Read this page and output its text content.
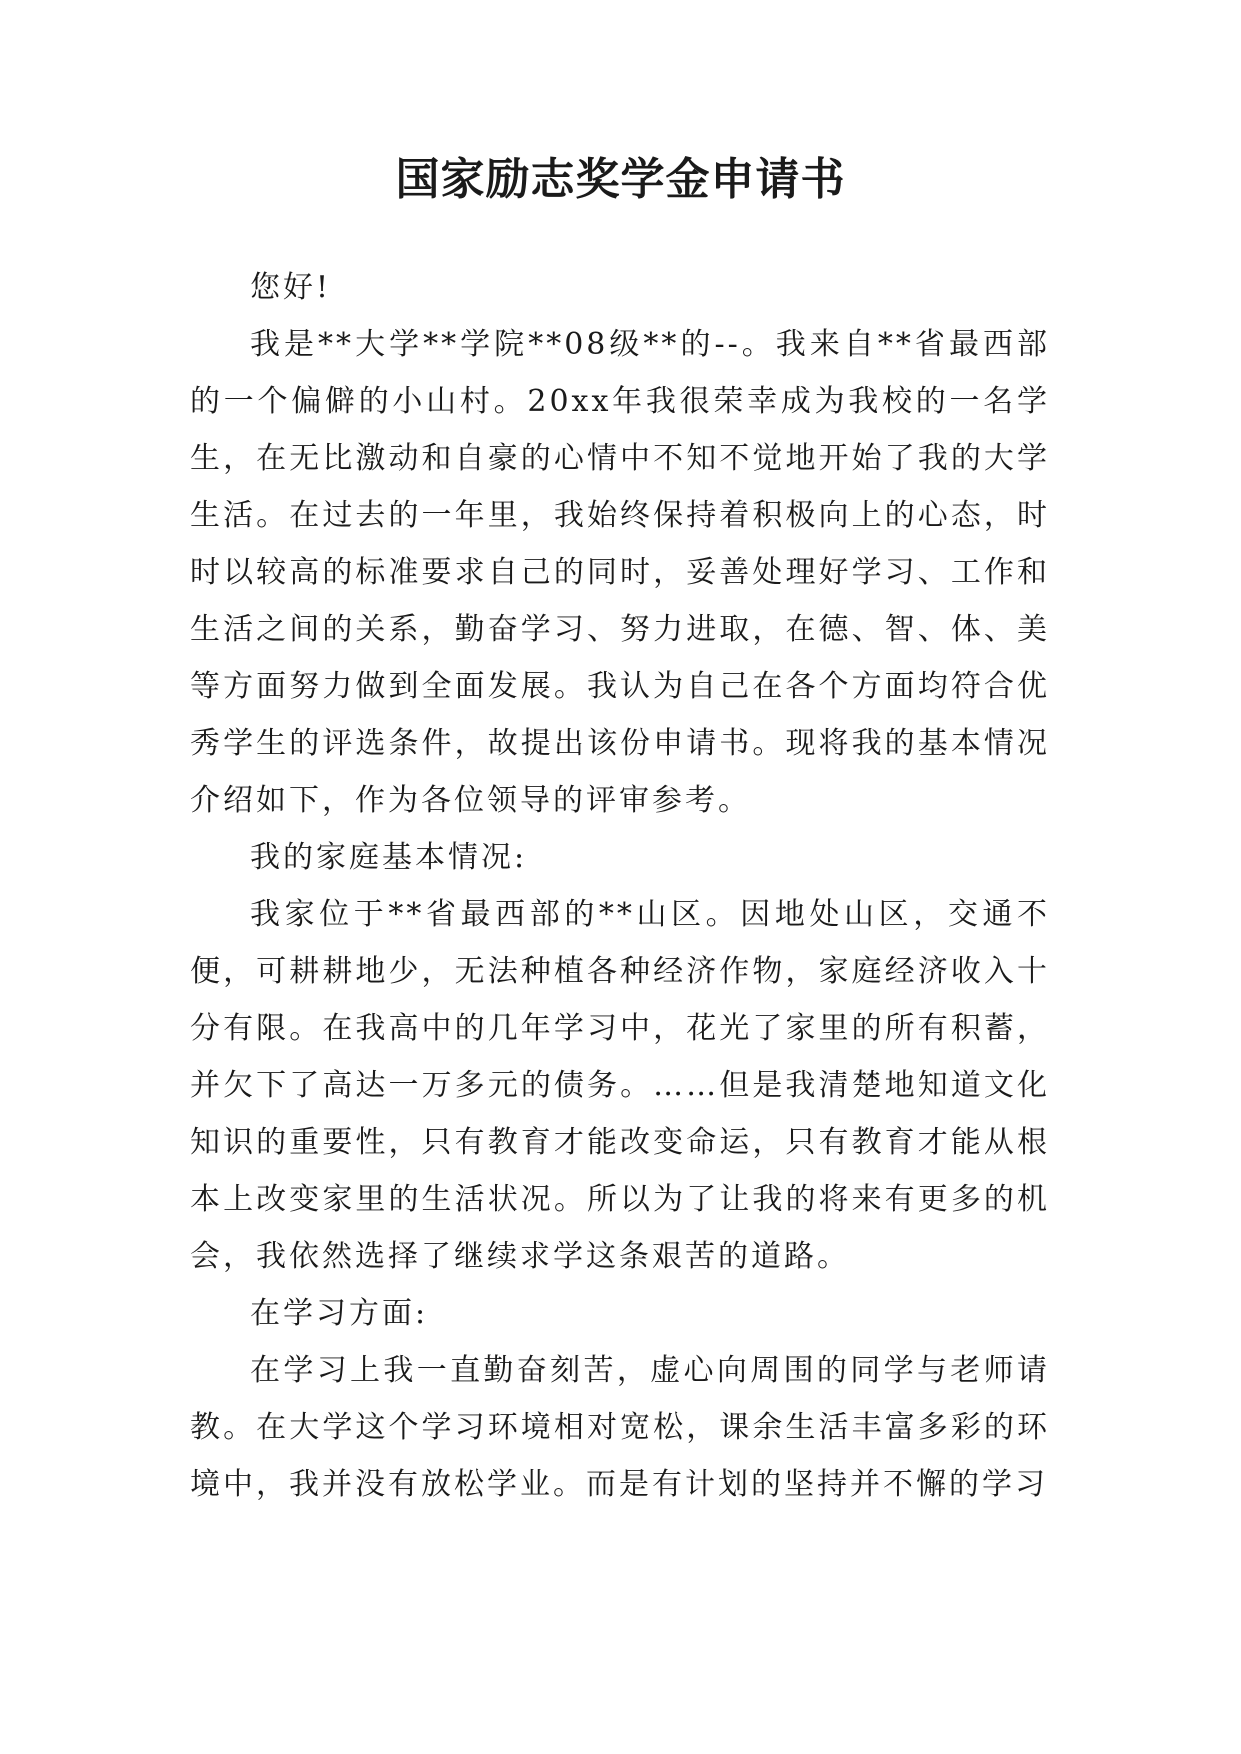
国家励志奖学金申请书

您好!

我是**大学**学院**08级**的--。我来自**省最西部的一个偏僻的小山村。20xx年我很荣幸成为我校的一名学生，在无比激动和自豪的心情中不知不觉地开始了我的大学生活。在过去的一年里，我始终保持着积极向上的心态，时时以较高的标准要求自己的同时，妥善处理好学习、工作和生活之间的关系，勤奋学习、努力进取，在德、智、体、美等方面努力做到全面发展。我认为自己在各个方面均符合优秀学生的评选条件，故提出该份申请书。现将我的基本情况介绍如下，作为各位领导的评审参考。

我的家庭基本情况:

我家位于**省最西部的**山区。因地处山区，交通不便，可耕耕地少，无法种植各种经济作物，家庭经济收入十分有限。在我高中的几年学习中，花光了家里的所有积蓄，并欠下了高达一万多元的债务。……但是我清楚地知道文化知识的重要性，只有教育才能改变命运，只有教育才能从根本上改变家里的生活状况。所以为了让我的将来有更多的机会，我依然选择了继续求学这条艰苦的道路。

在学习方面:

在学习上我一直勤奋刻苦，虚心向周围的同学与老师请教。在大学这个学习环境相对宽松，课余生活丰富多彩的环境中，我并没有放松学业。而是有计划的坚持并不懈的学习
